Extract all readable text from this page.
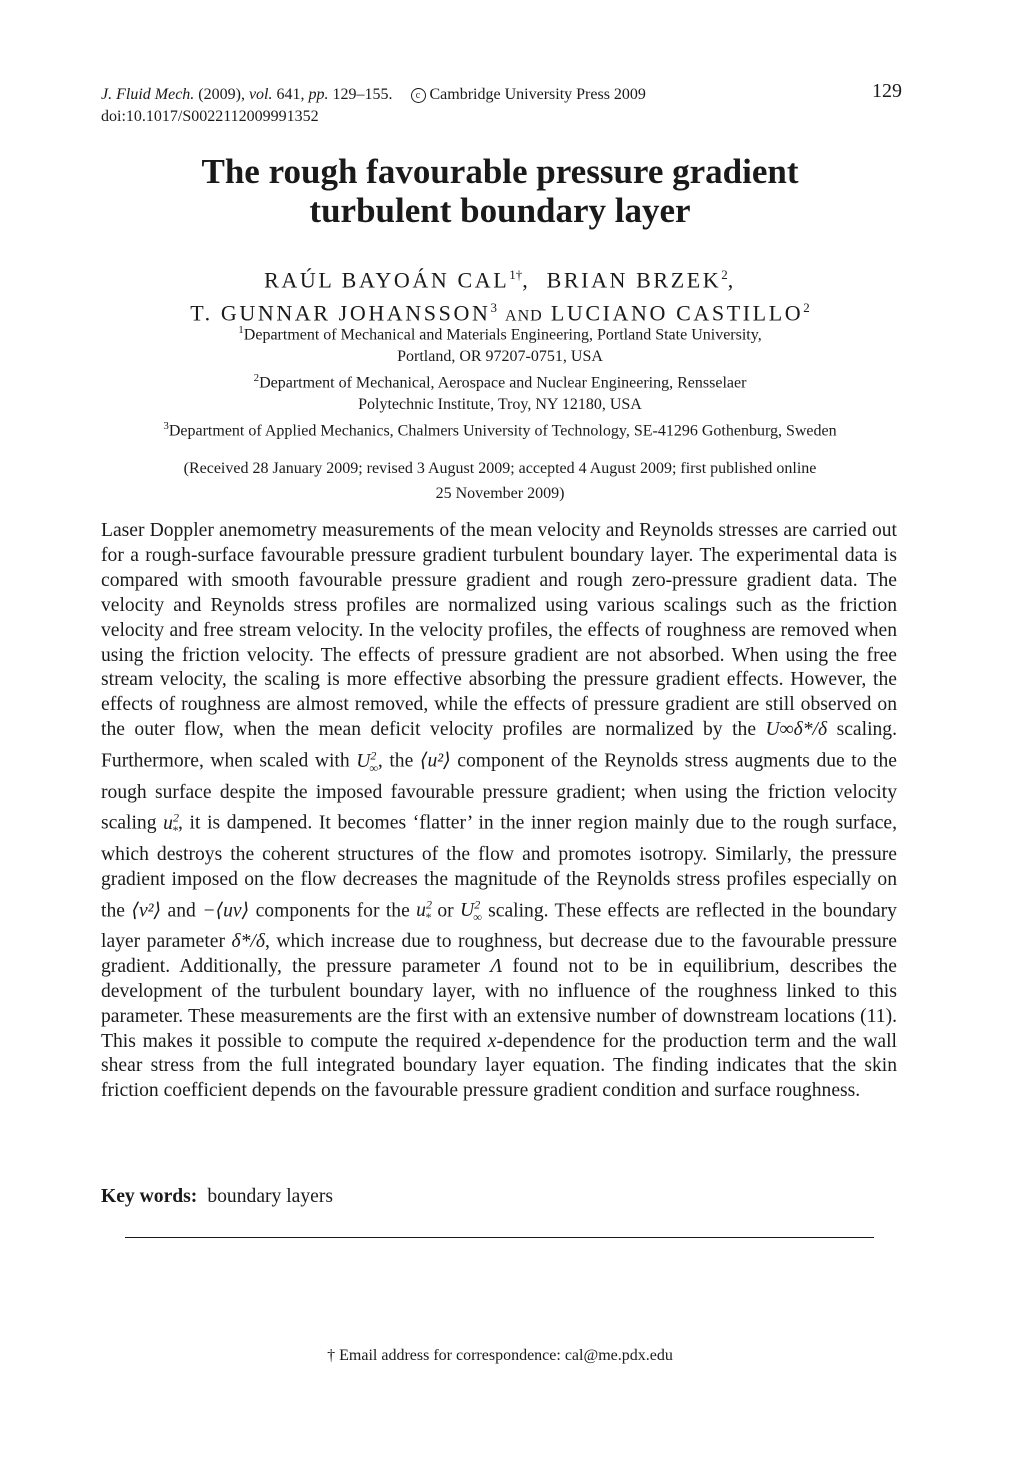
J. Fluid Mech. (2009), vol. 641, pp. 129–155. c Cambridge University Press 2009
doi:10.1017/S0022112009991352
129
The rough favourable pressure gradient
turbulent boundary layer
RAÚL BAYOÁN $CAL^{1\dagger}$,  BRIAN BRZEK$^2$,
T. GUNNAR JOHANSSON$^3$ AND LUCIANO CASTILLO$^2$
$^1$Department of Mechanical and Materials Engineering, Portland State University,
Portland, OR 97207-0751, USA
$^2$Department of Mechanical, Aerospace and Nuclear Engineering, Rensselaer
Polytechnic Institute, Troy, NY 12180, USA
$^3$Department of Applied Mechanics, Chalmers University of Technology, SE-41296 Gothenburg, Sweden
(Received 28 January 2009; revised 3 August 2009; accepted 4 August 2009; first published online
25 November 2009)
Laser Doppler anemometry measurements of the mean velocity and Reynolds stresses are carried out for a rough-surface favourable pressure gradient turbulent boundary layer. The experimental data is compared with smooth favourable pressure gradient and rough zero-pressure gradient data. The velocity and Reynolds stress profiles are normalized using various scalings such as the friction velocity and free stream velocity. In the velocity profiles, the effects of roughness are removed when using the friction velocity. The effects of pressure gradient are not absorbed. When using the free stream velocity, the scaling is more effective absorbing the pressure gradient effects. However, the effects of roughness are almost removed, while the effects of pressure gradient are still observed on the outer flow, when the mean deficit velocity profiles are normalized by the U∞δ*/δ scaling. Furthermore, when scaled with $U^2_\infty$, the ⟨u²⟩ component of the Reynolds stress augments due to the rough surface despite the imposed favourable pressure gradient; when using the friction velocity scaling $u^2_*$, it is dampened. It becomes ‘flatter’ in the inner region mainly due to the rough surface, which destroys the coherent structures of the flow and promotes isotropy. Similarly, the pressure gradient imposed on the flow decreases the magnitude of the Reynolds stress profiles especially on the ⟨v²⟩ and −⟨uv⟩ components for the $u^2_*$ or $U^2_\infty$ scaling. These effects are reflected in the boundary layer parameter δ*/δ, which increase due to roughness, but decrease due to the favourable pressure gradient. Additionally, the pressure parameter Λ found not to be in equilibrium, describes the development of the turbulent boundary layer, with no influence of the roughness linked to this parameter. These measurements are the first with an extensive number of downstream locations (11). This makes it possible to compute the required x-dependence for the production term and the wall shear stress from the full integrated boundary layer equation. The finding indicates that the skin friction coefficient depends on the favourable pressure gradient condition and surface roughness.
Key words: boundary layers
† Email address for correspondence: cal@me.pdx.edu
